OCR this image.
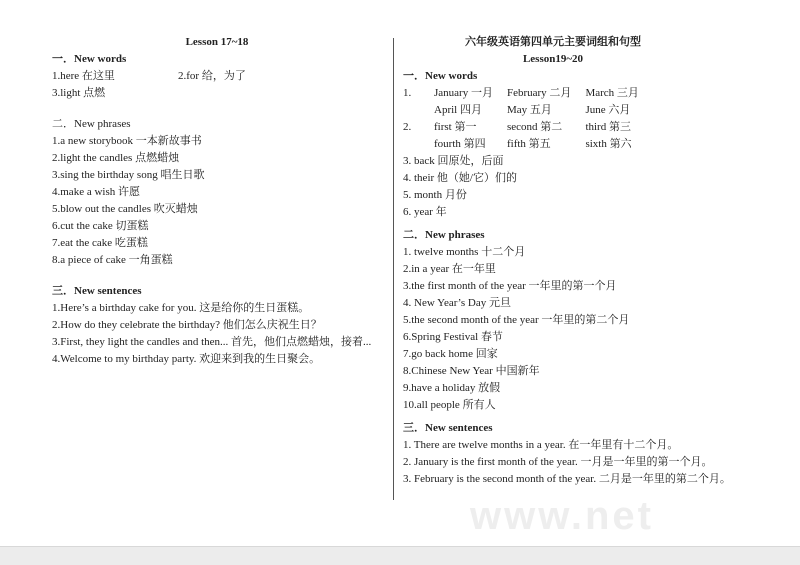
www.net
Lesson 17~18
一．New words
1.here 在这里	2.for 给，为了
3.light 点燃
二．New phrases
1.a new storybook 一本新故事书
2.light the candles 点燃蜡烛
3.sing the birthday song 唱生日歌
4.make a wish 许愿
5.blow out the candles 吹灭蜡烛
6.cut the cake 切蛋糕
7.eat the cake 吃蛋糕
8.a piece of cake 一角蛋糕
三．New sentences
1.Here’s a birthday cake for you. 这是给你的生日蛋糕。
2.How do they celebrate the birthday? 他们怎么庆祝生日？
3.First, they light the candles and then... 首先，他们点燃蜡烛，接着...
4.Welcome to my birthday party. 欢迎来到我的生日聚会。
六年级英语第四单元主要词组和句型
Lesson19~20
一．New words
1.	January 一月 February 二月 March 三月
April 四月	May 五月	June 六月
2.	first 第一	second 第二	third 第三
fourth 第四	fifth 第五	sixth 第六
3. back 回原处，后面
4. their 他（她/它）们的
5. month 月份
6. year 年
二．New phrases
1. twelve months 十二个月
2.in a year 在一年里
3.the first month of the year 一年里的第一个月
4. New Year’s Day 元旦
5.the second month of the year 一年里的第二个月
6.Spring Festival 春节
7.go back home 回家
8.Chinese New Year 中国新年
9.have a holiday 放假
10.all people 所有人
三．New sentences
1. There are twelve months in a year. 在一年里有十二个月。
2. January is the first month of the year. 一月是一年里的第一个月。
3. February is the second month of the year. 二月是一年里的第二个月。
